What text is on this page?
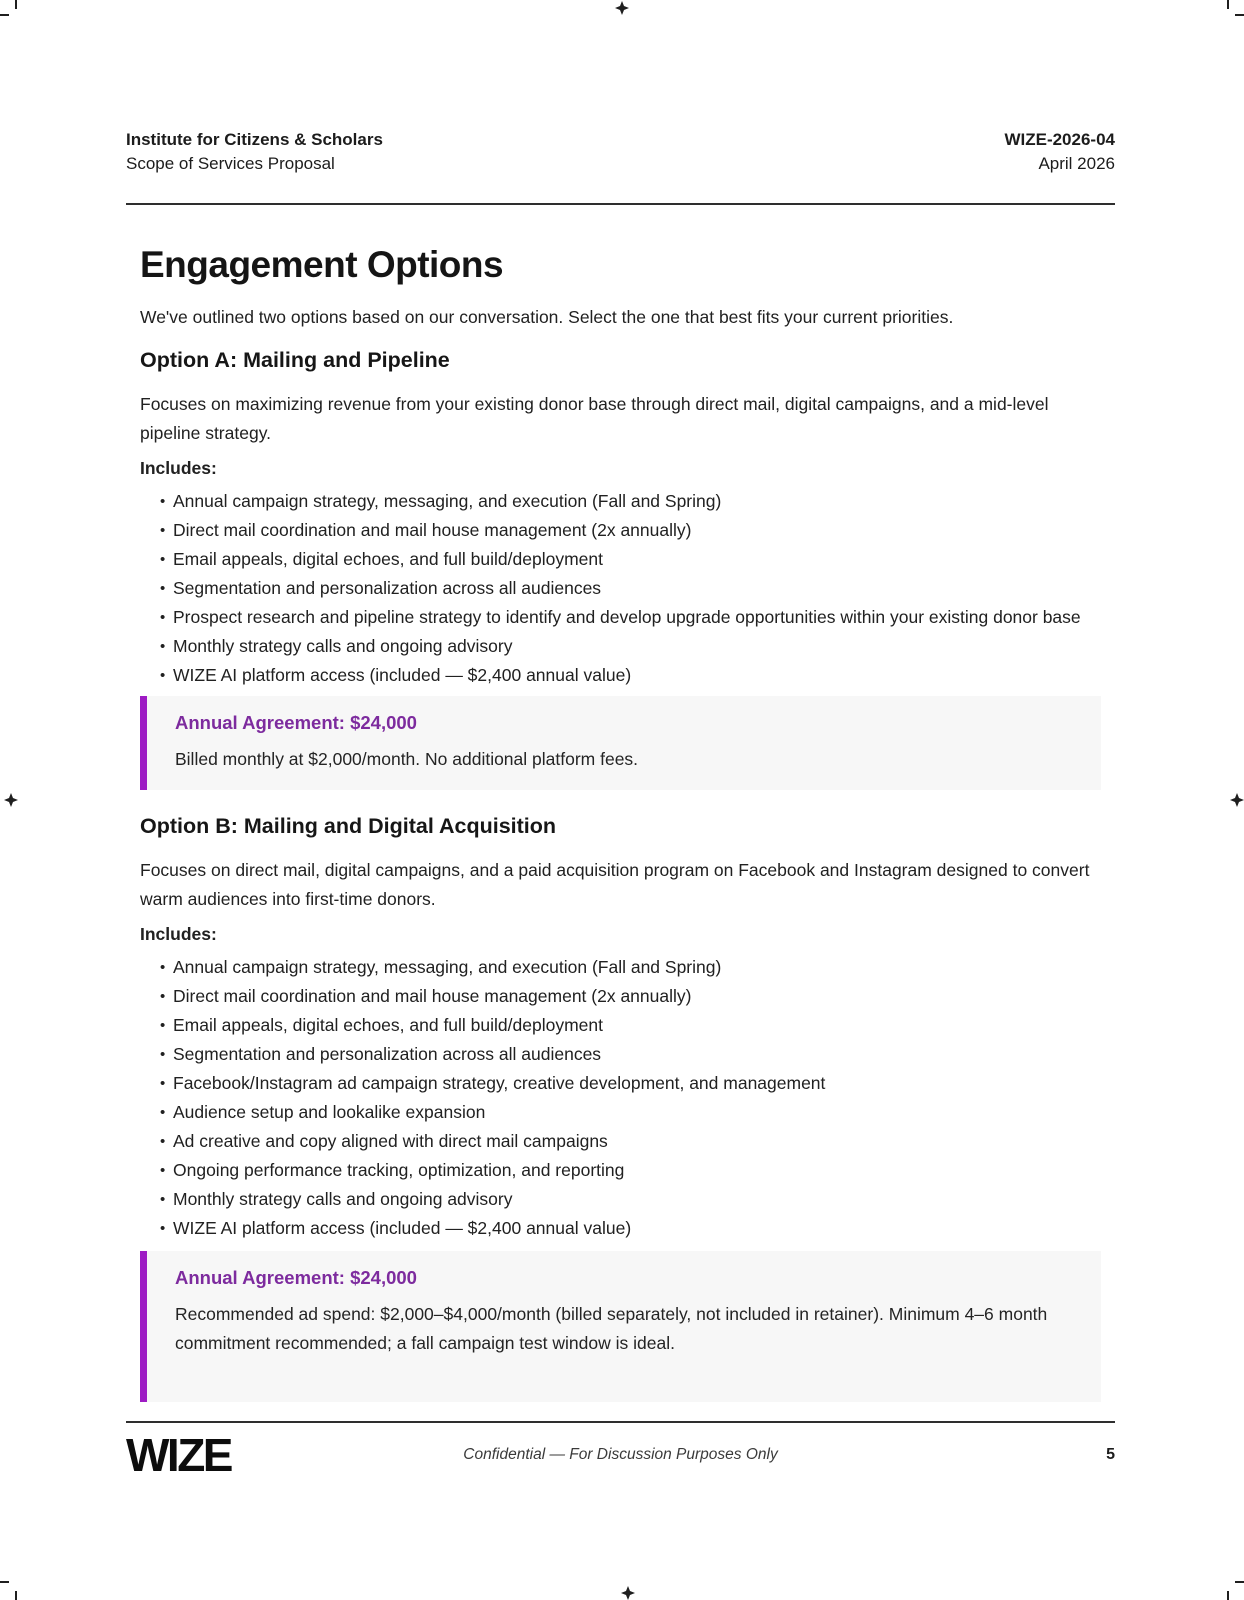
Institute for Citizens & Scholars
Scope of Services Proposal
WIZE-2026-04
April 2026
Engagement Options

We've outlined two options based on our conversation. Select the one that best fits your current priorities.

Option A: Mailing and Pipeline

Focuses on maximizing revenue from your existing donor base through direct mail, digital campaigns, and a mid-level pipeline strategy.

Includes:

• Annual campaign strategy, messaging, and execution (Fall and Spring)
• Direct mail coordination and mail house management (2x annually)
• Email appeals, digital echoes, and full build/deployment
• Segmentation and personalization across all audiences
• Prospect research and pipeline strategy to identify and develop upgrade opportunities within your existing donor base
• Monthly strategy calls and ongoing advisory
• WIZE AI platform access (included — $2,400 annual value)
Annual Agreement: $24,000

Billed monthly at $2,000/month. No additional platform fees.

Option B: Mailing and Digital Acquisition

Focuses on direct mail, digital campaigns, and a paid acquisition program on Facebook and Instagram designed to convert warm audiences into first-time donors.

Includes:

• Annual campaign strategy, messaging, and execution (Fall and Spring)
• Direct mail coordination and mail house management (2x annually)
• Email appeals, digital echoes, and full build/deployment
• Segmentation and personalization across all audiences
• Facebook/Instagram ad campaign strategy, creative development, and management
• Audience setup and lookalike expansion
• Ad creative and copy aligned with direct mail campaigns
• Ongoing performance tracking, optimization, and reporting
• Monthly strategy calls and ongoing advisory
• WIZE AI platform access (included — $2,400 annual value)
Annual Agreement: $24,000

Recommended ad spend: $2,000–$4,000/month (billed separately, not included in retainer). Minimum 4–6 month commitment recommended; a fall campaign test window is ideal.

WIZE	Confidential — For Discussion Purposes Only	5
